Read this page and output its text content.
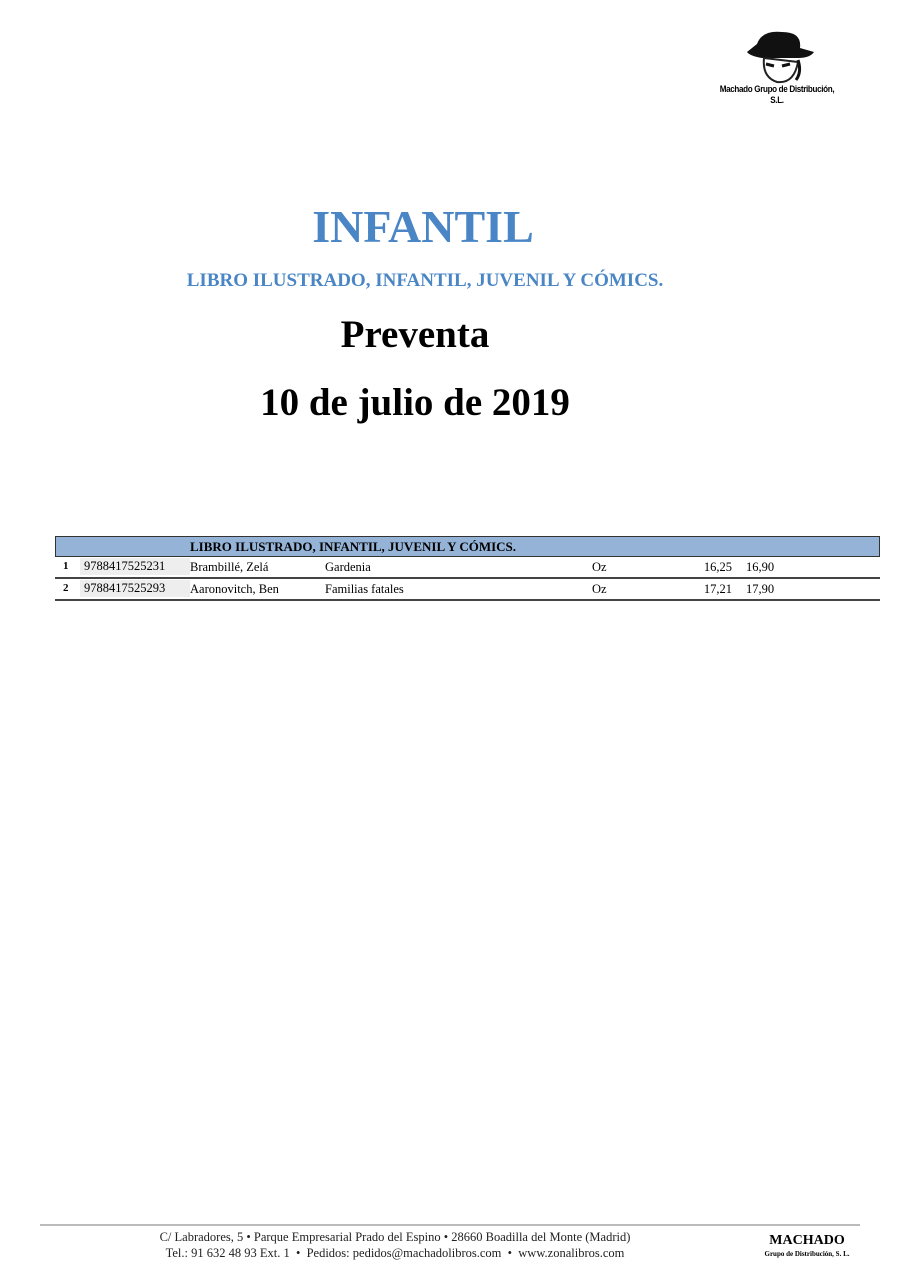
Machado Grupo de Distribución, S.L.
INFANTIL
LIBRO ILUSTRADO, INFANTIL, JUVENIL Y CÓMICS.
Preventa
10 de julio de 2019
LIBRO ILUSTRADO, INFANTIL, JUVENIL Y CÓMICS.
1	9788417525231	Brambillé, Zelá	Gardenia	Oz	16,25 16,90
2	9788417525293	Aaronovitch, Ben	Familias fatales	Oz	17,21 17,90
C/ Labradores, 5 • Parque Empresarial Prado del Espino • 28660 Boadilla del Monte (Madrid)
Tel.: 91 632 48 93 Ext. 1  •  Pedidos: pedidos@machadolibros.com  •  www.zonalibros.com
MACHADO
Grupo de Distribución, S. L.
